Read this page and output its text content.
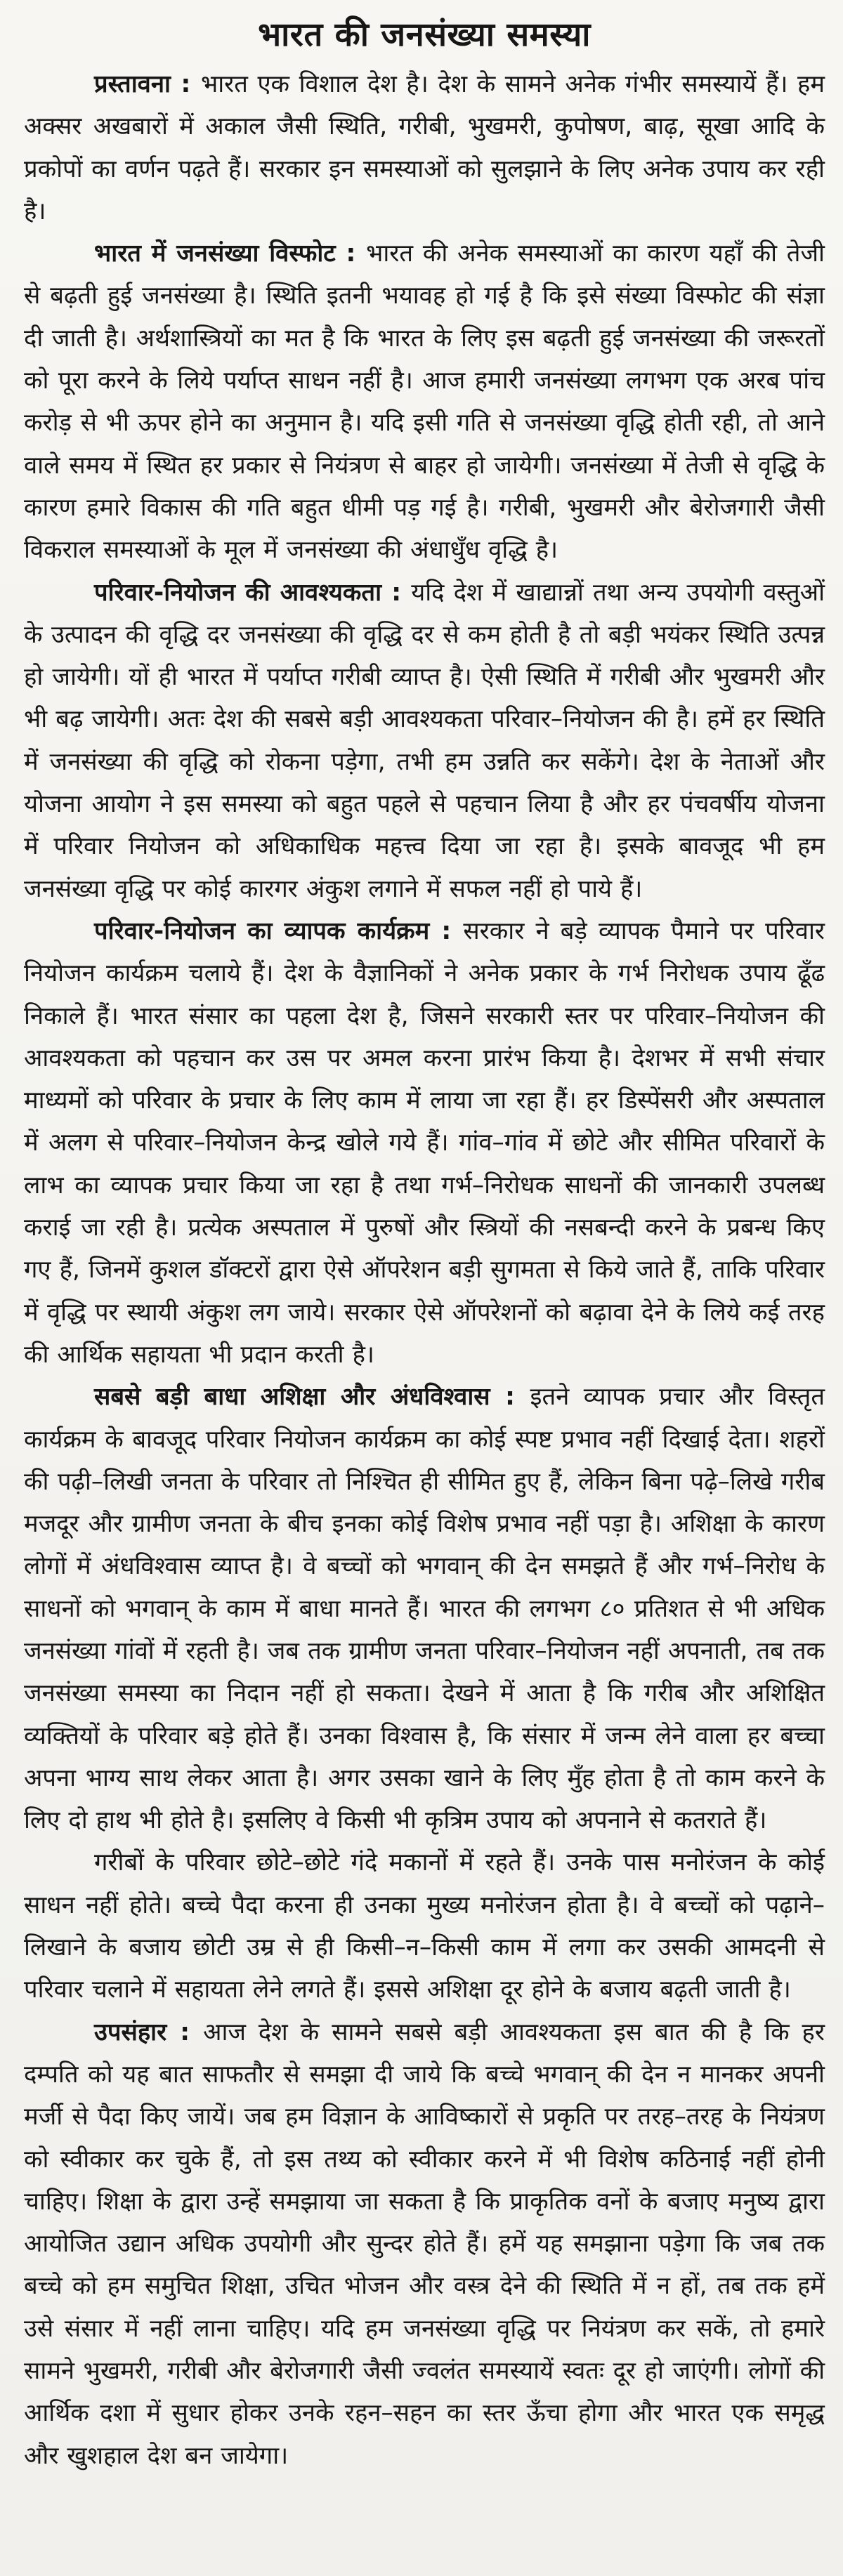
भारत की जनसंख्या समस्या

प्रस्तावना : भारत एक विशाल देश है। देश के सामने अनेक गंभीर समस्यायें हैं। हम अक्सर अखबारों में अकाल जैसी स्थिति, गरीबी, भुखमरी, कुपोषण, बाढ़, सूखा आदि के प्रकोपों का वर्णन पढ़ते हैं। सरकार इन समस्याओं को सुलझाने के लिए अनेक उपाय कर रही है।

भारत में जनसंख्या विस्फोट : भारत की अनेक समस्याओं का कारण यहाँ की तेजी से बढ़ती हुई जनसंख्या है। स्थिति इतनी भयावह हो गई है कि इसे संख्या विस्फोट की संज्ञा दी जाती है। अर्थशास्त्रियों का मत है कि भारत के लिए इस बढ़ती हुई जनसंख्या की जरूरतों को पूरा करने के लिये पर्याप्त साधन नहीं है। आज हमारी जनसंख्या लगभग एक अरब पांच करोड़ से भी ऊपर होने का अनुमान है। यदि इसी गति से जनसंख्या वृद्धि होती रही, तो आने वाले समय में स्थित हर प्रकार से नियंत्रण से बाहर हो जायेगी। जनसंख्या में तेजी से वृद्धि के कारण हमारे विकास की गति बहुत धीमी पड़ गई है। गरीबी, भुखमरी और बेरोजगारी जैसी विकराल समस्याओं के मूल में जनसंख्या की अंधाधुँध वृद्धि है।

परिवार-नियोजन की आवश्यकता : यदि देश में खाद्यान्नों तथा अन्य उपयोगी वस्तुओं के उत्पादन की वृद्धि दर जनसंख्या की वृद्धि दर से कम होती है तो बड़ी भयंकर स्थिति उत्पन्न हो जायेगी। यों ही भारत में पर्याप्त गरीबी व्याप्त है। ऐसी स्थिति में गरीबी और भुखमरी और भी बढ़ जायेगी। अतः देश की सबसे बड़ी आवश्यकता परिवार–नियोजन की है। हमें हर स्थिति में जनसंख्या की वृद्धि को रोकना पड़ेगा, तभी हम उन्नति कर सकेंगे। देश के नेताओं और योजना आयोग ने इस समस्या को बहुत पहले से पहचान लिया है और हर पंचवर्षीय योजना में परिवार नियोजन को अधिकाधिक महत्त्व दिया जा रहा है। इसके बावजूद भी हम जनसंख्या वृद्धि पर कोई कारगर अंकुश लगाने में सफल नहीं हो पाये हैं।

परिवार-नियोजन का व्यापक कार्यक्रम : सरकार ने बड़े व्यापक पैमाने पर परिवार नियोजन कार्यक्रम चलाये हैं। देश के वैज्ञानिकों ने अनेक प्रकार के गर्भ निरोधक उपाय ढूँढ निकाले हैं। भारत संसार का पहला देश है, जिसने सरकारी स्तर पर परिवार–नियोजन की आवश्यकता को पहचान कर उस पर अमल करना प्रारंभ किया है। देशभर में सभी संचार माध्यमों को परिवार के प्रचार के लिए काम में लाया जा रहा हैं। हर डिस्पेंसरी और अस्पताल में अलग से परिवार–नियोजन केन्द्र खोले गये हैं। गांव–गांव में छोटे और सीमित परिवारों के लाभ का व्यापक प्रचार किया जा रहा है तथा गर्भ–निरोधक साधनों की जानकारी उपलब्ध कराई जा रही है। प्रत्येक अस्पताल में पुरुषों और स्त्रियों की नसबन्दी करने के प्रबन्ध किए गए हैं, जिनमें कुशल डॉक्टरों द्वारा ऐसे ऑपरेशन बड़ी सुगमता से किये जाते हैं, ताकि परिवार में वृद्धि पर स्थायी अंकुश लग जाये। सरकार ऐसे ऑपरेशनों को बढ़ावा देने के लिये कई तरह की आर्थिक सहायता भी प्रदान करती है।

सबसे बड़ी बाधा अशिक्षा और अंधविश्वास : इतने व्यापक प्रचार और विस्तृत कार्यक्रम के बावजूद परिवार नियोजन कार्यक्रम का कोई स्पष्ट प्रभाव नहीं दिखाई देता। शहरों की पढ़ी–लिखी जनता के परिवार तो निश्चित ही सीमित हुए हैं, लेकिन बिना पढ़े–लिखे गरीब मजदूर और ग्रामीण जनता के बीच इनका कोई विशेष प्रभाव नहीं पड़ा है। अशिक्षा के कारण लोगों में अंधविश्वास व्याप्त है। वे बच्चों को भगवान् की देन समझते हैं और गर्भ–निरोध के साधनों को भगवान् के काम में बाधा मानते हैं। भारत की लगभग ८० प्रतिशत से भी अधिक जनसंख्या गांवों में रहती है। जब तक ग्रामीण जनता परिवार–नियोजन नहीं अपनाती, तब तक जनसंख्या समस्या का निदान नहीं हो सकता। देखने में आता है कि गरीब और अशिक्षित व्यक्तियों के परिवार बड़े होते हैं। उनका विश्वास है, कि संसार में जन्म लेने वाला हर बच्चा अपना भाग्य साथ लेकर आता है। अगर उसका खाने के लिए मुँह होता है तो काम करने के लिए दो हाथ भी होते है। इसलिए वे किसी भी कृत्रिम उपाय को अपनाने से कतराते हैं।

गरीबों के परिवार छोटे–छोटे गंदे मकानों में रहते हैं। उनके पास मनोरंजन के कोई साधन नहीं होते। बच्चे पैदा करना ही उनका मुख्य मनोरंजन होता है। वे बच्चों को पढ़ाने–लिखाने के बजाय छोटी उम्र से ही किसी–न–किसी काम में लगा कर उसकी आमदनी से परिवार चलाने में सहायता लेने लगते हैं। इससे अशिक्षा दूर होने के बजाय बढ़ती जाती है।

उपसंहार : आज देश के सामने सबसे बड़ी आवश्यकता इस बात की है कि हर दम्पति को यह बात साफतौर से समझा दी जाये कि बच्चे भगवान् की देन न मानकर अपनी मर्जी से पैदा किए जायें। जब हम विज्ञान के आविष्कारों से प्रकृति पर तरह–तरह के नियंत्रण को स्वीकार कर चुके हैं, तो इस तथ्य को स्वीकार करने में भी विशेष कठिनाई नहीं होनी चाहिए। शिक्षा के द्वारा उन्हें समझाया जा सकता है कि प्राकृतिक वनों के बजाए मनुष्य द्वारा आयोजित उद्यान अधिक उपयोगी और सुन्दर होते हैं। हमें यह समझाना पड़ेगा कि जब तक बच्चे को हम समुचित शिक्षा, उचित भोजन और वस्त्र देने की स्थिति में न हों, तब तक हमें उसे संसार में नहीं लाना चाहिए। यदि हम जनसंख्या वृद्धि पर नियंत्रण कर सकें, तो हमारे सामने भुखमरी, गरीबी और बेरोजगारी जैसी ज्वलंत समस्यायें स्वतः दूर हो जाएंगी। लोगों की आर्थिक दशा में सुधार होकर उनके रहन–सहन का स्तर ऊँचा होगा और भारत एक समृद्ध और खुशहाल देश बन जायेगा।
